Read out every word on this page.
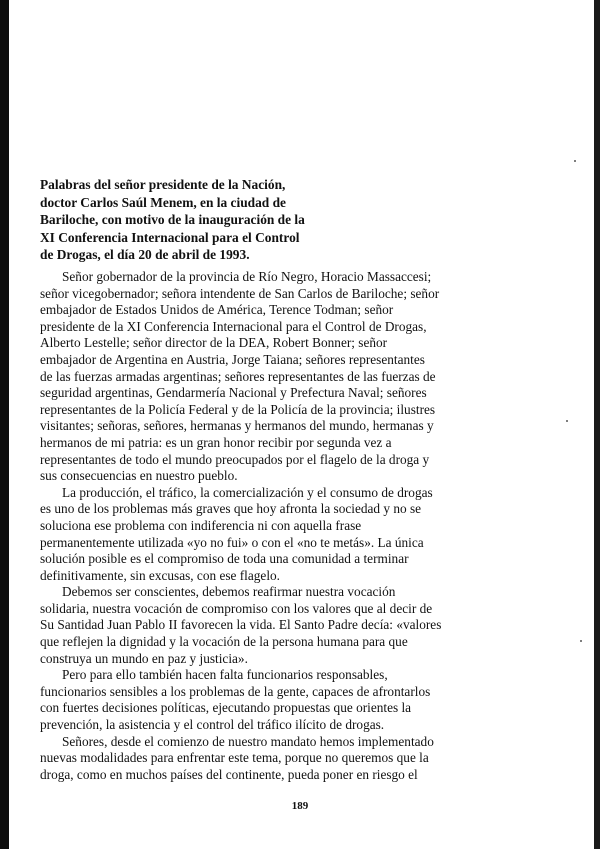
Palabras del señor presidente de la Nación,
doctor Carlos Saúl Menem, en la ciudad de
Bariloche, con motivo de la inauguración de la
XI Conferencia Internacional para el Control
de Drogas, el día 20 de abril de 1993.
Señor gobernador de la provincia de Río Negro, Horacio Massaccesi;
señor vicegobernador; señora intendente de San Carlos de Bariloche; señor
embajador de Estados Unidos de América, Terence Todman; señor
presidente de la XI Conferencia Internacional para el Control de Drogas,
Alberto Lestelle; señor director de la DEA, Robert Bonner; señor
embajador de Argentina en Austria, Jorge Taiana; señores representantes
de las fuerzas armadas argentinas; señores representantes de las fuerzas de
seguridad argentinas, Gendarmería Nacional y Prefectura Naval; señores
representantes de la Policía Federal y de la Policía de la provincia; ilustres
visitantes; señoras, señores, hermanas y hermanos del mundo, hermanas y
hermanos de mi patria: es un gran honor recibir por segunda vez a
representantes de todo el mundo preocupados por el flagelo de la droga y
sus consecuencias en nuestro pueblo.
La producción, el tráfico, la comercialización y el consumo de drogas
es uno de los problemas más graves que hoy afronta la sociedad y no se
soluciona ese problema con indiferencia ni con aquella frase
permanentemente utilizada «yo no fui» o con el «no te metás». La única
solución posible es el compromiso de toda una comunidad a terminar
definitivamente, sin excusas, con ese flagelo.
Debemos ser conscientes, debemos reafirmar nuestra vocación
solidaria, nuestra vocación de compromiso con los valores que al decir de
Su Santidad Juan Pablo II favorecen la vida. El Santo Padre decía: «valores
que reflejen la dignidad y la vocación de la persona humana para que
construya un mundo en paz y justicia».
Pero para ello también hacen falta funcionarios responsables,
funcionarios sensibles a los problemas de la gente, capaces de afrontarlos
con fuertes decisiones políticas, ejecutando propuestas que orientes la
prevención, la asistencia y el control del tráfico ilícito de drogas.
Señores, desde el comienzo de nuestro mandato hemos implementado
nuevas modalidades para enfrentar este tema, porque no queremos que la
droga, como en muchos países del continente, pueda poner en riesgo el
189
